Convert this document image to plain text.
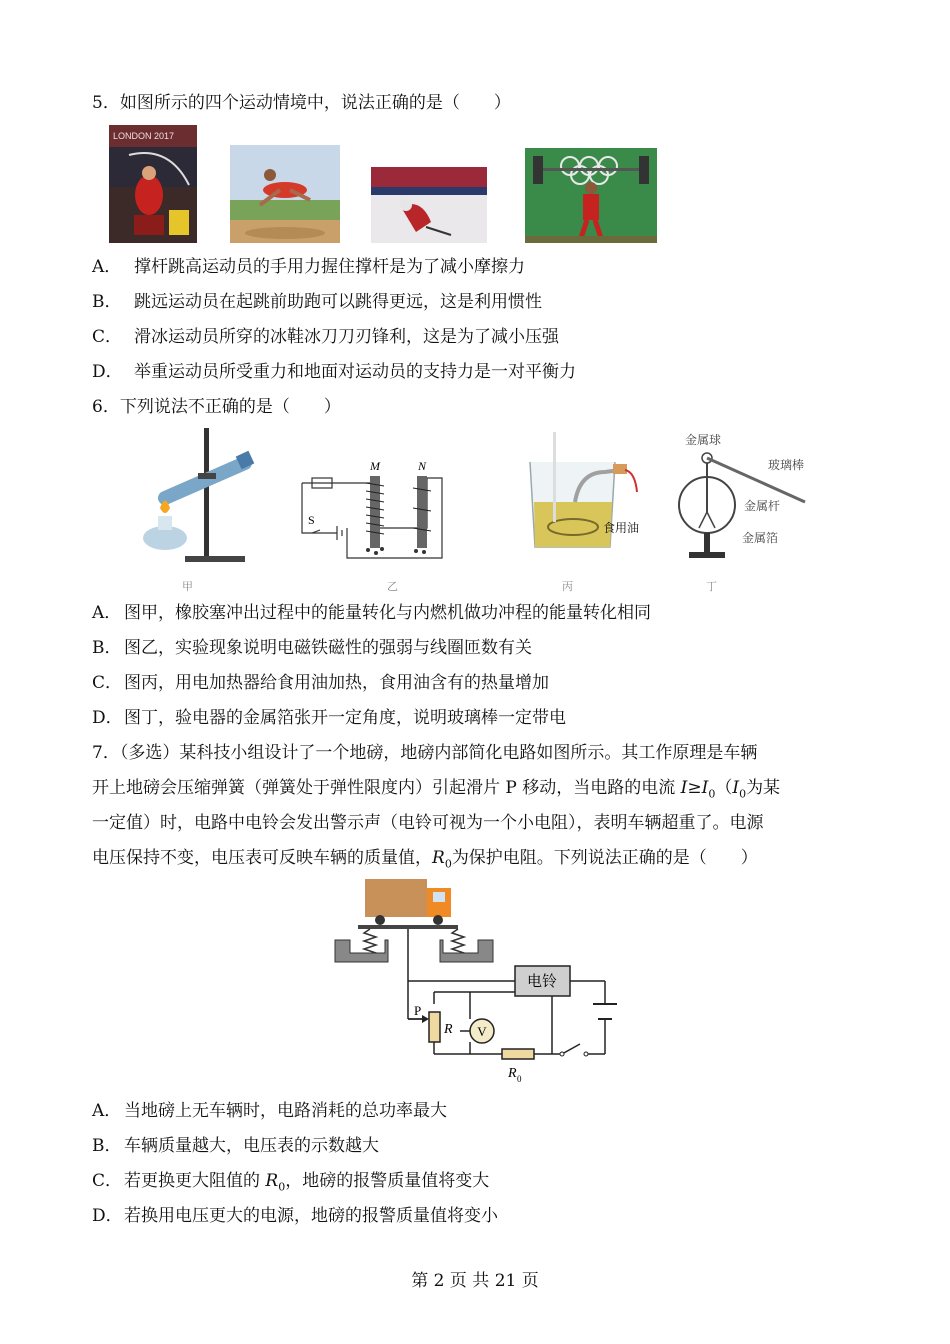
5．如图所示的四个运动情境中，说法正确的是（　　）
LONDON 2017
A． 撑杆跳高运动员的手用力握住撑杆是为了减小摩擦力
B． 跳远运动员在起跳前助跑可以跳得更远，这是利用惯性
C． 滑冰运动员所穿的冰鞋冰刀刀刃锋利，这是为了减小压强
D． 举重运动员所受重力和地面对运动员的支持力是一对平衡力
6．下列说法不正确的是（　　）
甲
M	N
S
乙
食用油
丙
金属球
玻璃棒
金属杆
金属箔
丁
A． 图甲，橡胶塞冲出过程中的能量转化与内燃机做功冲程的能量转化相同
B． 图乙，实验现象说明电磁铁磁性的强弱与线圈匝数有关
C． 图丙，用电加热器给食用油加热，食用油含有的热量增加
D．图丁，验电器的金属箔张开一定角度，说明玻璃棒一定带电
7．（多选）某科技小组设计了一个地磅，地磅内部简化电路如图所示。其工作原理是车辆
开上地磅会压缩弹簧（弹簧处于弹性限度内）引起滑片 P 移动，当电路的电流 $I\ge I_0(I_0$为某
一定值）时，电路中电铃会发出警示声（电铃可视为一个小电阻），表明车辆超重了。电源
电压保持不变，电压表可反映车辆的质量值，$R_0$为保护电阻。下列说法正确的是（　　）
电铃
P
R V
R 0
A． 当地磅上无车辆时，电路消耗的总功率最大
B． 车辆质量越大，电压表的示数越大
C． 若更换更大阻值的 $R_0$，地磅的报警质量值将变大
D．若换用电压更大的电源，地磅的报警质量值将变小
第 2 页 共 21 页
